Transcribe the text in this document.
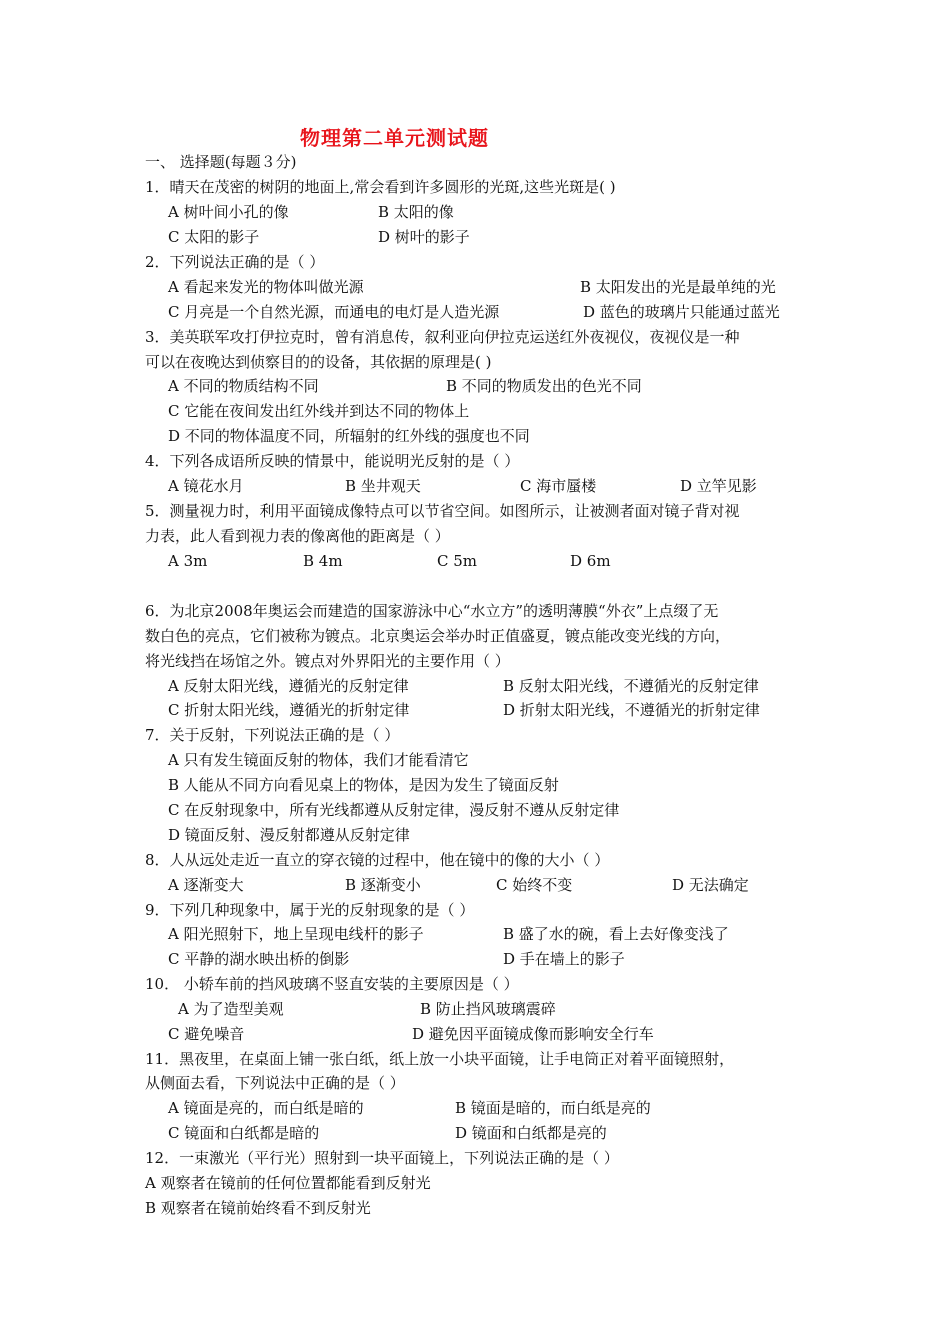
物理第二单元测试题
一、 选择题(每题３分)
1．晴天在茂密的树阴的地面上,常会看到许多圆形的光斑,这些光斑是( )
A 树叶间小孔的像	B 太阳的像
C 太阳的影子	D 树叶的影子
2．下列说法正确的是（ ）
A 看起来发光的物体叫做光源	B 太阳发出的光是最单纯的光
C 月亮是一个自然光源，而通电的电灯是人造光源	D 蓝色的玻璃片只能通过蓝光
3．美英联军攻打伊拉克时，曾有消息传，叙利亚向伊拉克运送红外夜视仪，夜视仪是一种
可以在夜晚达到侦察目的的设备，其依据的原理是( )
A 不同的物质结构不同	B 不同的物质发出的色光不同
C 它能在夜间发出红外线并到达不同的物体上
D 不同的物体温度不同，所辐射的红外线的强度也不同
4．下列各成语所反映的情景中，能说明光反射的是（ ）
A 镜花水月	B 坐井观天	C 海市蜃楼	D 立竿见影
5．测量视力时，利用平面镜成像特点可以节省空间。如图所示，让被测者面对镜子背对视
力表，此人看到视力表的像离他的距离是（ ）
A 3m	B 4m	C 5m	D 6m
6．为北京2008年奥运会而建造的国家游泳中心“水立方”的透明薄膜“外衣”上点缀了无
数白色的亮点，它们被称为镀点。北京奥运会举办时正值盛夏，镀点能改变光线的方向，
将光线挡在场馆之外。镀点对外界阳光的主要作用（ ）
A 反射太阳光线，遵循光的反射定律	B 反射太阳光线，不遵循光的反射定律
C 折射太阳光线，遵循光的折射定律	D 折射太阳光线，不遵循光的折射定律
7．关于反射，下列说法正确的是（ ）
A 只有发生镜面反射的物体，我们才能看清它
B 人能从不同方向看见桌上的物体，是因为发生了镜面反射
C 在反射现象中，所有光线都遵从反射定律，漫反射不遵从反射定律
D 镜面反射、漫反射都遵从反射定律
8．人从远处走近一直立的穿衣镜的过程中，他在镜中的像的大小（ ）
A 逐渐变大	B 逐渐变小	C 始终不变	D 无法确定
9．下列几种现象中，属于光的反射现象的是（ ）
A 阳光照射下，地上呈现电线杆的影子	B 盛了水的碗，看上去好像变浅了
C 平静的湖水映出桥的倒影	D 手在墙上的影子
10． 小轿车前的挡风玻璃不竖直安装的主要原因是（ ）
A 为了造型美观	B 防止挡风玻璃震碎
C 避免噪音	D 避免因平面镜成像而影响安全行车
11．黑夜里，在桌面上铺一张白纸，纸上放一小块平面镜，让手电筒正对着平面镜照射，
从侧面去看，下列说法中正确的是（ ）
A 镜面是亮的，而白纸是暗的	B 镜面是暗的，而白纸是亮的
C 镜面和白纸都是暗的	D 镜面和白纸都是亮的
12．一束激光（平行光）照射到一块平面镜上，下列说法正确的是（ ）
A 观察者在镜前的任何位置都能看到反射光
B 观察者在镜前始终看不到反射光
